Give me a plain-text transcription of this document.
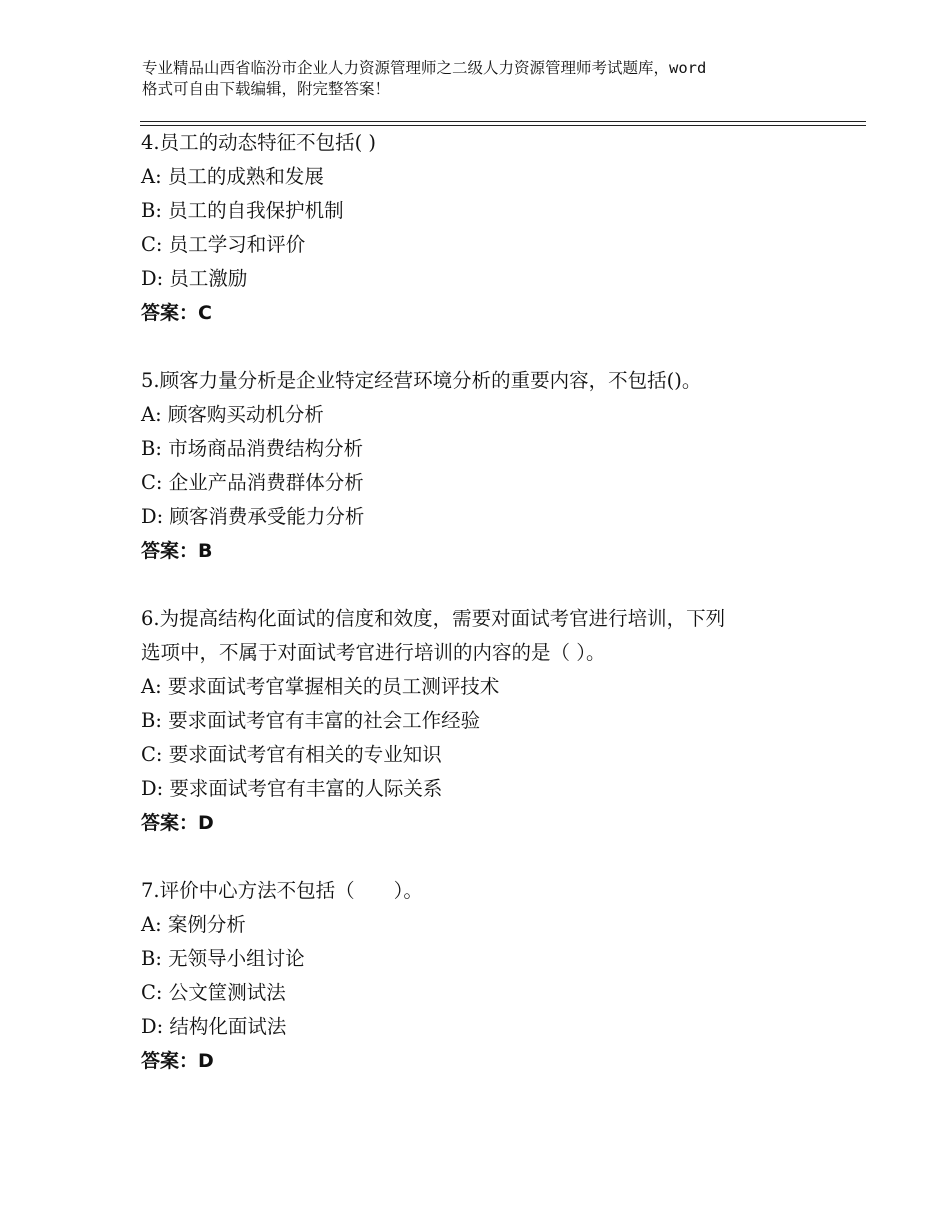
专业精品山西省临汾市企业人力资源管理师之二级人力资源管理师考试题库，word
格式可自由下载编辑，附完整答案！
4.员工的动态特征不包括( )
A: 员工的成熟和发展
B: 员工的自我保护机制
C: 员工学习和评价
D: 员工激励
答案：C
5.顾客力量分析是企业特定经营环境分析的重要内容，不包括()。
A: 顾客购买动机分析
B: 市场商品消费结构分析
C: 企业产品消费群体分析
D: 顾客消费承受能力分析
答案：B
6.为提高结构化面试的信度和效度，需要对面试考官进行培训，下列
选项中，不属于对面试考官进行培训的内容的是（ ）。
A: 要求面试考官掌握相关的员工测评技术
B: 要求面试考官有丰富的社会工作经验
C: 要求面试考官有相关的专业知识
D: 要求面试考官有丰富的人际关系
答案：D
7.评价中心方法不包括（　　）。
A: 案例分析
B: 无领导小组讨论
C: 公文筐测试法
D: 结构化面试法
答案：D
